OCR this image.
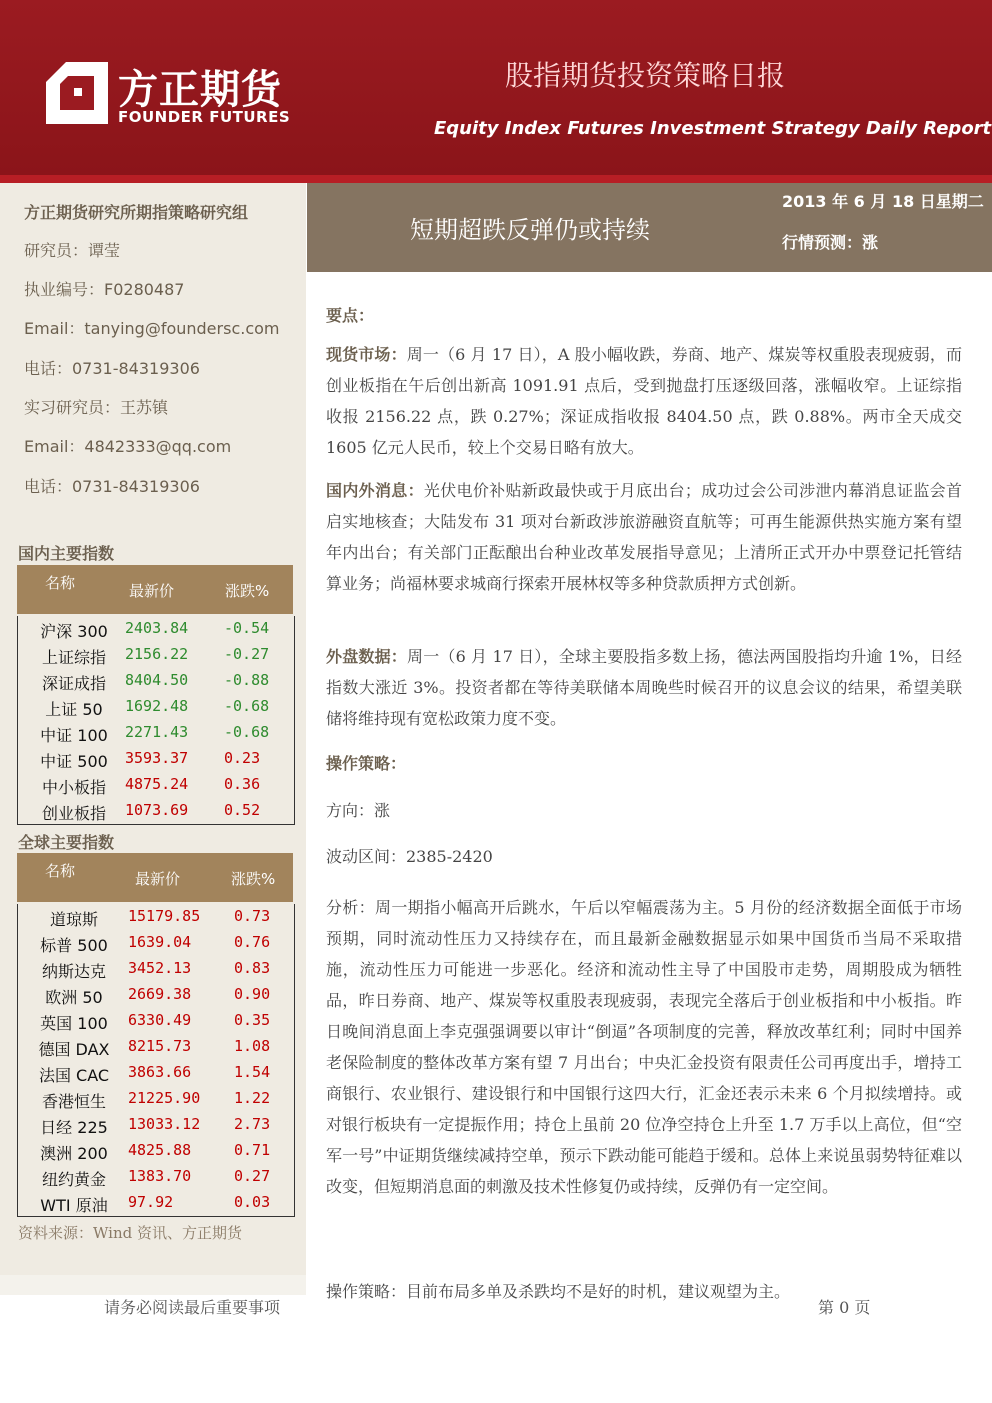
方正期货
FOUNDER FUTURES
股指期货投资策略日报
Equity Index Futures Investment Strategy Daily Report
短期超跌反弹仍或持续
2013 年 6 月 18 日星期二
行情预测：涨
方正期货研究所期指策略研究组
研究员：谭莹
执业编号：F0280487
Email：tanying@foundersc.com
电话：0731-84319306
实习研究员：王苏镇
Email：4842333@qq.com
电话：0731-84319306
国内主要指数
名称	最新价	涨跌%
沪深 300	2403.84 -0.54
上证综指	2156.22 -0.27
深证成指	8404.50 -0.88
上证 50	1692.48 -0.68
中证 100	2271.43 -0.68
中证 500	3593.37 0.23
中小板指	4875.24 0.36
创业板指	1073.69 0.52
全球主要指数
名称	最新价	涨跌%
道琼斯	15179.85 0.73
标普 500	1639.04	0.76
纳斯达克	3452.13	0.83
欧洲 50	2669.38	0.90
英国 100	6330.49	0.35
德国 DAX	8215.73	1.08
法国 CAC	3863.66	1.54
香港恒生	21225.90 1.22
日经 225	13033.12 2.73
澳洲 200	4825.88	0.71
纽约黄金	1383.70	0.27
WTI 原油	97.92	0.03
资料来源：Wind 资讯、方正期货

要点：

现货市场：周一（6 月 17 日），A 股小幅收跌，券商、地产、煤炭等权重股表现疲弱，而创业板指在午后创出新高 1091.91 点后，受到抛盘打压逐级回落，涨幅收窄。上证综指收报 2156.22 点，跌 0.27%；深证成指收报 8404.50 点，跌 0.88%。两市全天成交 1605 亿元人民币，较上个交易日略有放大。

国内外消息：光伏电价补贴新政最快或于月底出台；成功过会公司涉泄内幕消息证监会首启实地核查；大陆发布 31 项对台新政涉旅游融资直航等；可再生能源供热实施方案有望年内出台；有关部门正酝酿出台种业改革发展指导意见；上清所正式开办中票登记托管结算业务；尚福林要求城商行探索开展林权等多种贷款质押方式创新。

外盘数据：周一（6 月 17 日），全球主要股指多数上扬，德法两国股指均升逾 1%，日经指数大涨近 3%。投资者都在等待美联储本周晚些时候召开的议息会议的结果，希望美联储将维持现有宽松政策力度不变。

操作策略：

方向：涨

波动区间：2385-2420

分析：周一期指小幅高开后跳水，午后以窄幅震荡为主。5 月份的经济数据全面低于市场预期，同时流动性压力又持续存在，而且最新金融数据显示如果中国货币当局不采取措施，流动性压力可能进一步恶化。经济和流动性主导了中国股市走势，周期股成为牺牲品，昨日券商、地产、煤炭等权重股表现疲弱，表现完全落后于创业板指和中小板指。昨日晚间消息面上李克强强调要以审计“倒逼”各项制度的完善，释放改革红利；同时中国养老保险制度的整体改革方案有望 7 月出台；中央汇金投资有限责任公司再度出手，增持工商银行、农业银行、建设银行和中国银行这四大行，汇金还表示未来 6 个月拟续增持。或对银行板块有一定提振作用；持仓上虽前 20 位净空持仓上升至 1.7 万手以上高位，但“空军一号”中证期货继续减持空单，预示下跌动能可能趋于缓和。总体上来说虽弱势特征难以改变，但短期消息面的刺激及技术性修复仍或持续，反弹仍有一定空间。

操作策略：目前布局多单及杀跌均不是好的时机，建议观望为主。

请务必阅读最后重要事项	第 0 页
